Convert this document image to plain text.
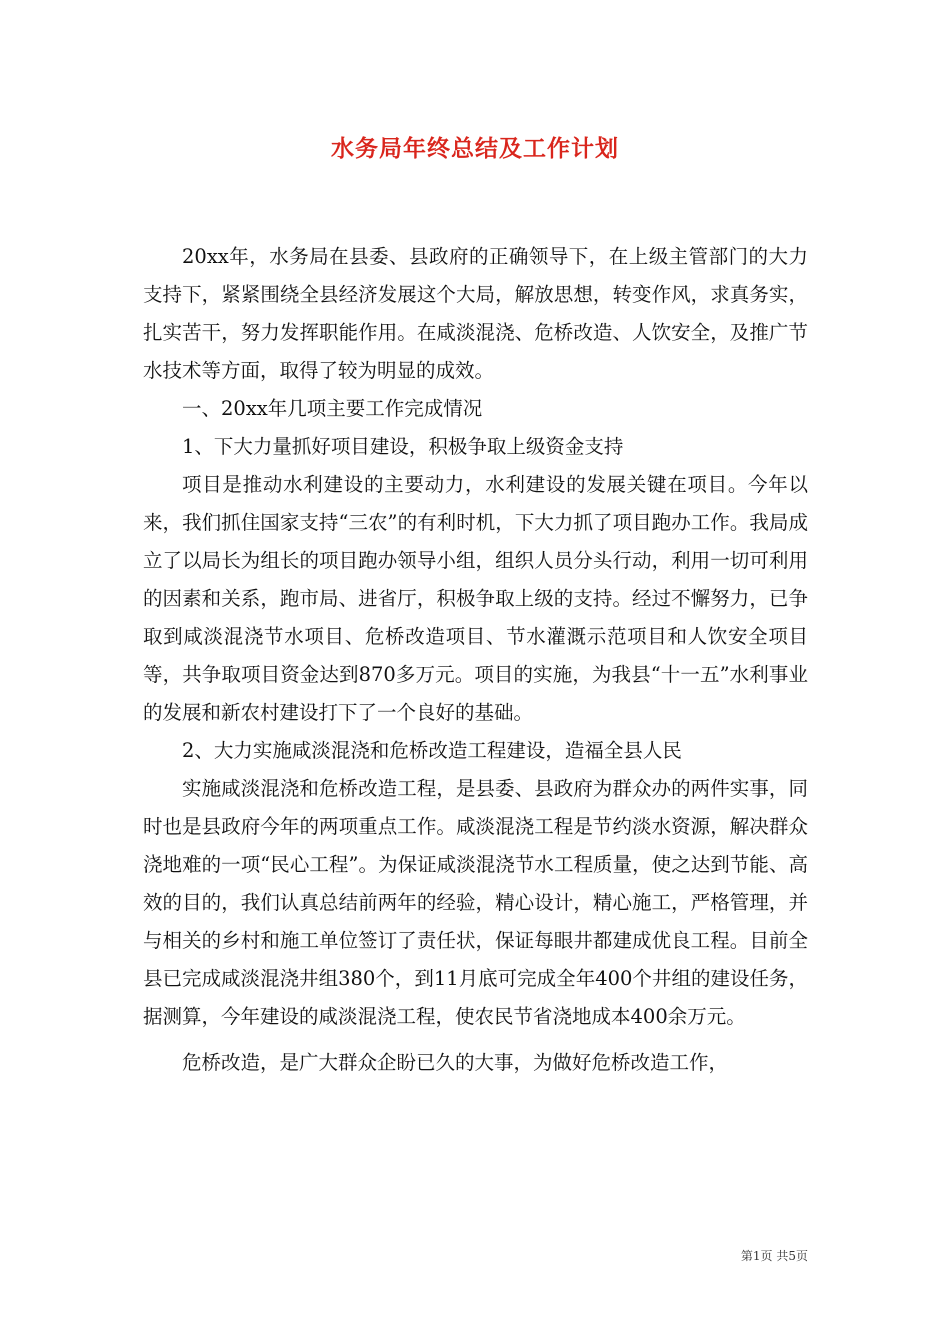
水务局年终总结及工作计划

20xx年，水务局在县委、县政府的正确领导下，在上级主管部门的大力支持下，紧紧围绕全县经济发展这个大局，解放思想，转变作风，求真务实，扎实苦干，努力发挥职能作用。在咸淡混浇、危桥改造、人饮安全，及推广节水技术等方面，取得了较为明显的成效。

一、20xx年几项主要工作完成情况

1、下大力量抓好项目建设，积极争取上级资金支持

项目是推动水利建设的主要动力，水利建设的发展关键在项目。今年以来，我们抓住国家支持“三农”的有利时机，下大力抓了项目跑办工作。我局成立了以局长为组长的项目跑办领导小组，组织人员分头行动，利用一切可利用的因素和关系，跑市局、进省厅，积极争取上级的支持。经过不懈努力，已争取到咸淡混浇节水项目、危桥改造项目、节水灌溉示范项目和人饮安全项目等，共争取项目资金达到870多万元。项目的实施，为我县“十一五”水利事业的发展和新农村建设打下了一个良好的基础。

2、大力实施咸淡混浇和危桥改造工程建设，造福全县人民

实施咸淡混浇和危桥改造工程，是县委、县政府为群众办的两件实事，同时也是县政府今年的两项重点工作。咸淡混浇工程是节约淡水资源，解决群众浇地难的一项“民心工程”。为保证咸淡混浇节水工程质量，使之达到节能、高效的目的，我们认真总结前两年的经验，精心设计，精心施工，严格管理，并与相关的乡村和施工单位签订了责任状，保证每眼井都建成优良工程。目前全县已完成咸淡混浇井组380个，到11月底可完成全年400个井组的建设任务，据测算，今年建设的咸淡混浇工程，使农民节省浇地成本400余万元。

危桥改造，是广大群众企盼已久的大事，为做好危桥改造工作，

第1页 共5页
